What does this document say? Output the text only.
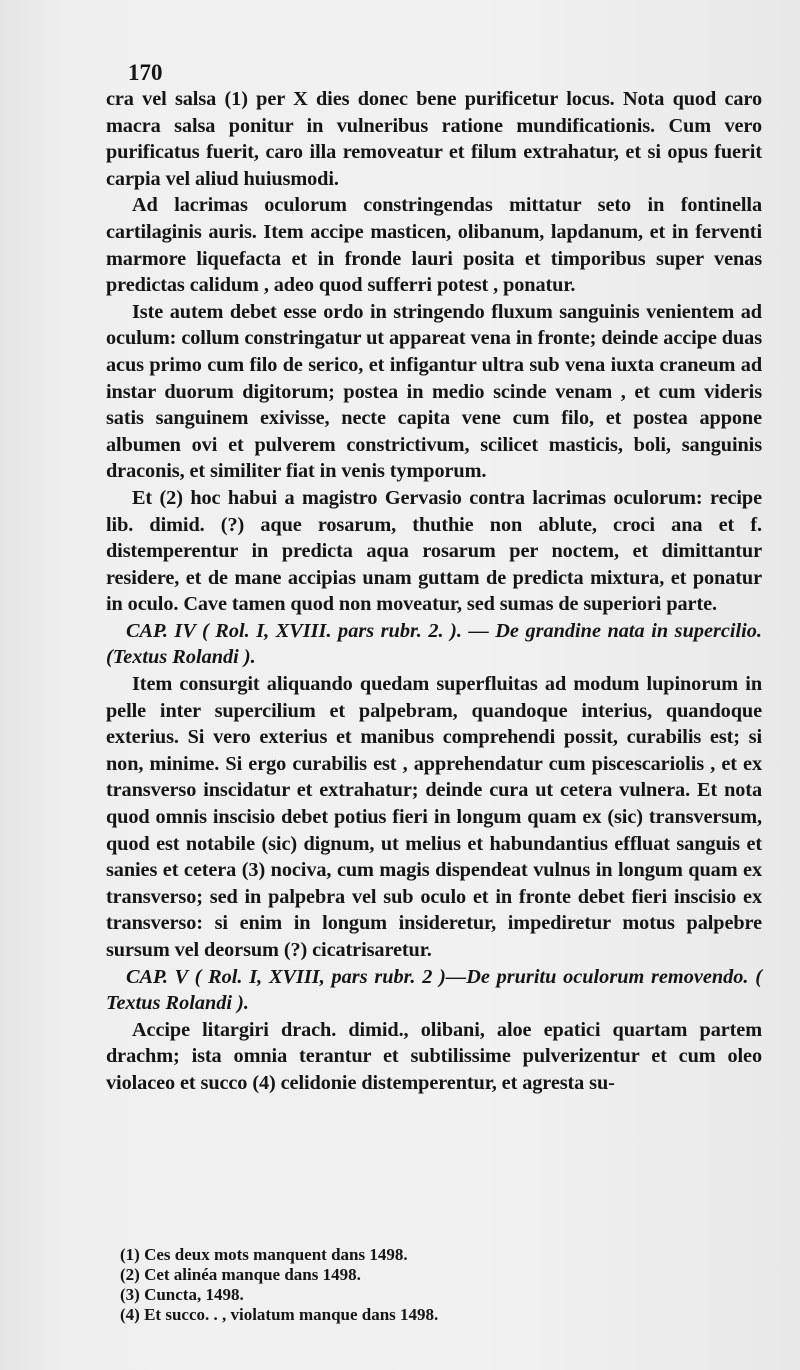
170

cra vel salsa (1) per X dies donec bene purificetur locus. Nota quod caro macra salsa ponitur in vulneribus ratione mundificationis. Cum vero purificatus fuerit, caro illa removeatur et filum extrahatur, et si opus fuerit carpia vel aliud huiusmodi.

Ad lacrimas oculorum constringendas mittatur seto in fontinella cartilaginis auris. Item accipe masticen, olibanum, lapdanum, et in ferventi marmore liquefacta et in fronde lauri posita et timporibus super venas predictas calidum , adeo quod sufferri potest , ponatur.

Iste autem debet esse ordo in stringendo fluxum sanguinis venientem ad oculum: collum constringatur ut appareat vena in fronte; deinde accipe duas acus primo cum filo de serico, et infigantur ultra sub vena iuxta craneum ad instar duorum digitorum; postea in medio scinde venam , et cum videris satis sanguinem exivisse, necte capita vene cum filo, et postea appone albumen ovi et pulverem constrictivum, scilicet masticis, boli, sanguinis draconis, et similiter fiat in venis tymporum.

Et (2) hoc habui a magistro Gervasio contra lacrimas oculorum: recipe lib. dimid. (?) aque rosarum, thuthie non ablute, croci ana et f. distemperentur in predicta aqua rosarum per noctem, et dimittantur residere, et de mane accipias unam guttam de predicta mixtura, et ponatur in oculo. Cave tamen quod non moveatur, sed sumas de superiori parte.

CAP. IV ( Rol. I, XVIII. pars rubr. 2. ). — De grandine nata in supercilio. (Textus Rolandi ).

Item consurgit aliquando quedam superfluitas ad modum lupinorum in pelle inter supercilium et palpebram, quandoque interius, quandoque exterius. Si vero exterius et manibus comprehendi possit, curabilis est; si non, minime. Si ergo curabilis est , apprehendatur cum piscescariolis , et ex transverso inscidatur et extrahatur; deinde cura ut cetera vulnera. Et nota quod omnis inscisio debet potius fieri in longum quam ex (sic) transversum, quod est notabile (sic) dignum, ut melius et habundantius effluat sanguis et sanies et cetera (3) nociva, cum magis dispendeat vulnus in longum quam ex transverso; sed in palpebra vel sub oculo et in fronte debet fieri inscisio ex transverso: si enim in longum insideretur, impediretur motus palpebre sursum vel deorsum (?) cicatrisaretur.

CAP. V ( Rol. I, XVIII, pars rubr. 2 )—De pruritu oculorum removendo. ( Textus Rolandi ).

Accipe litargiri drach. dimid., olibani, aloe epatici quartam partem drachm; ista omnia terantur et subtilissime pulverizentur et cum oleo violaceo et succo (4) celidonie distemperentur, et agresta su-

(1) Ces deux mots manquent dans 1498.

(2) Cet alinéa manque dans 1498.

(3) Cuncta, 1498.

(4) Et succo. . , violatum manque dans 1498.
